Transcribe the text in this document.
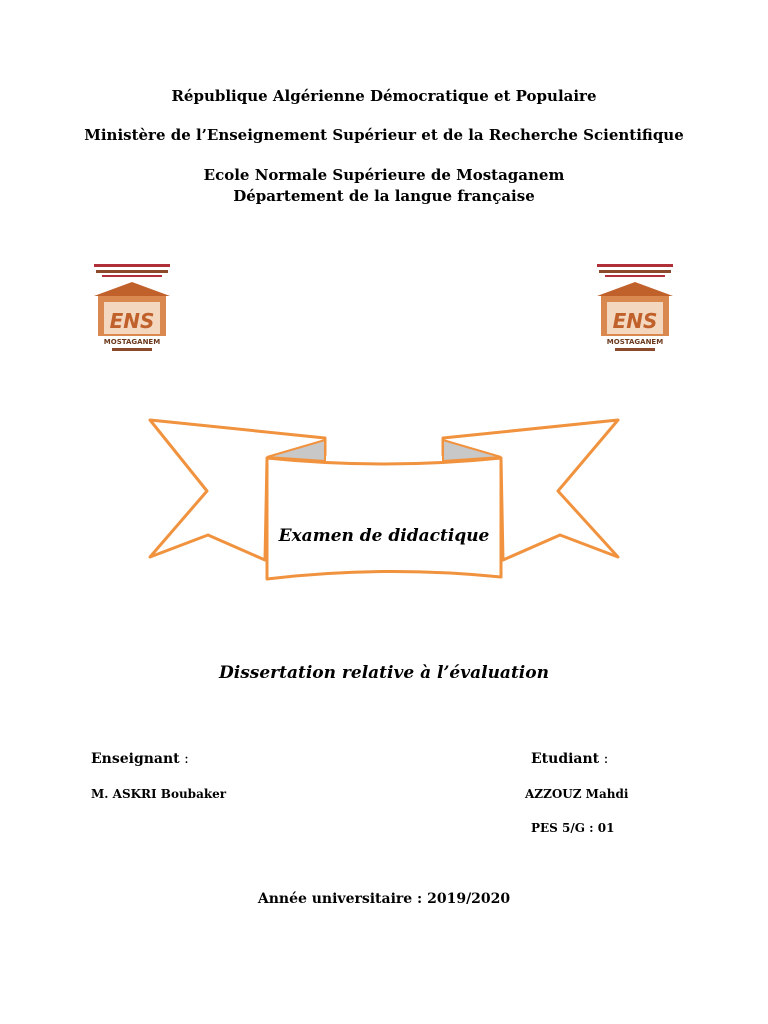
République Algérienne Démocratique et Populaire
Ministère de l’Enseignement Supérieur et de la Recherche Scientifique
Ecole Normale Supérieure de Mostaganem
Département de la langue française
ENS
MOSTAGANEM
ENS
MOSTAGANEM
Examen de didactique
Dissertation relative à l’évaluation
Enseignant :	Etudiant :
M. ASKRI Boubaker	AZZOUZ Mahdi
PES 5/G : 01
Année universitaire : 2019/2020
